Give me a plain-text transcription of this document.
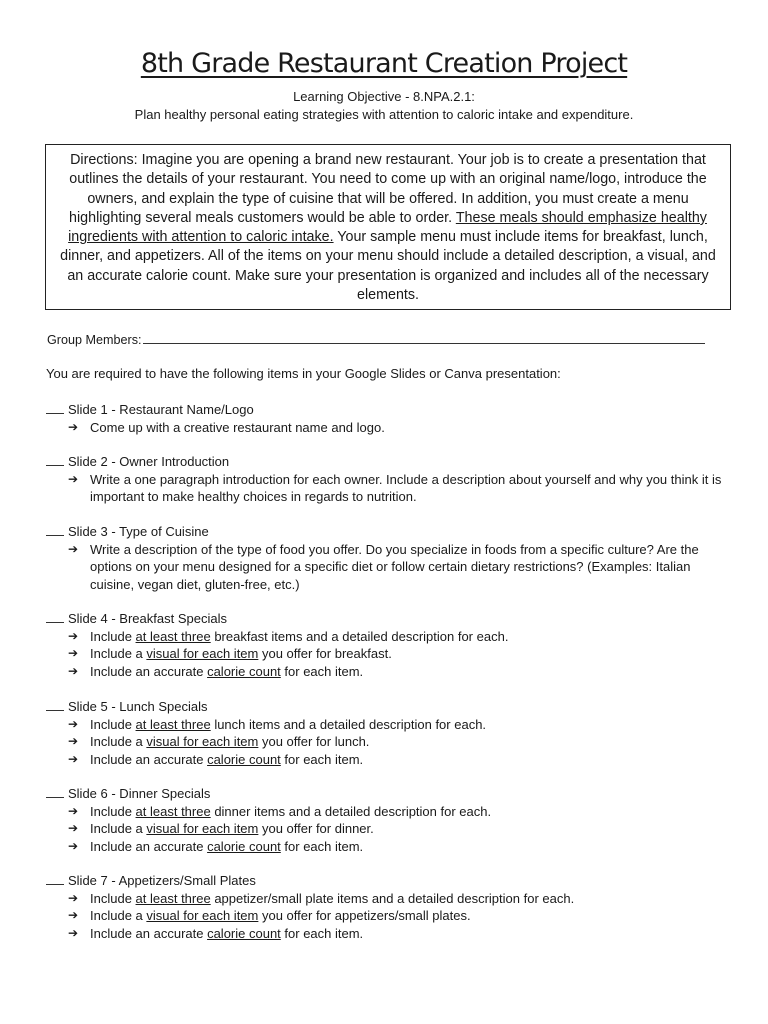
8th Grade Restaurant Creation Project
Learning Objective - 8.NPA.2.1:
Plan healthy personal eating strategies with attention to caloric intake and expenditure.
Directions: Imagine you are opening a brand new restaurant. Your job is to create a presentation that outlines the details of your restaurant. You need to come up with an original name/logo, introduce the owners, and explain the type of cuisine that will be offered. In addition, you must create a menu highlighting several meals customers would be able to order. These meals should emphasize healthy ingredients with attention to caloric intake. Your sample menu must include items for breakfast, lunch, dinner, and appetizers. All of the items on your menu should include a detailed description, a visual, and an accurate calorie count. Make sure your presentation is organized and includes all of the necessary elements.
Group Members:
You are required to have the following items in your Google Slides or Canva presentation:
Slide 1 - Restaurant Name/Logo
➔ Come up with a creative restaurant name and logo.
Slide 2 - Owner Introduction
➔ Write a one paragraph introduction for each owner. Include a description about yourself and why you think it is important to make healthy choices in regards to nutrition.
Slide 3 - Type of Cuisine
➔ Write a description of the type of food you offer. Do you specialize in foods from a specific culture? Are the options on your menu designed for a specific diet or follow certain dietary restrictions? (Examples: Italian cuisine, vegan diet, gluten-free, etc.)
Slide 4 - Breakfast Specials
➔ Include at least three breakfast items and a detailed description for each.
➔ Include a visual for each item you offer for breakfast.
➔ Include an accurate calorie count for each item.
Slide 5 - Lunch Specials
➔ Include at least three lunch items and a detailed description for each.
➔ Include a visual for each item you offer for lunch.
➔ Include an accurate calorie count for each item.
Slide 6 - Dinner Specials
➔ Include at least three dinner items and a detailed description for each.
➔ Include a visual for each item you offer for dinner.
➔ Include an accurate calorie count for each item.
Slide 7 - Appetizers/Small Plates
➔ Include at least three appetizer/small plate items and a detailed description for each.
➔ Include a visual for each item you offer for appetizers/small plates.
➔ Include an accurate calorie count for each item.
